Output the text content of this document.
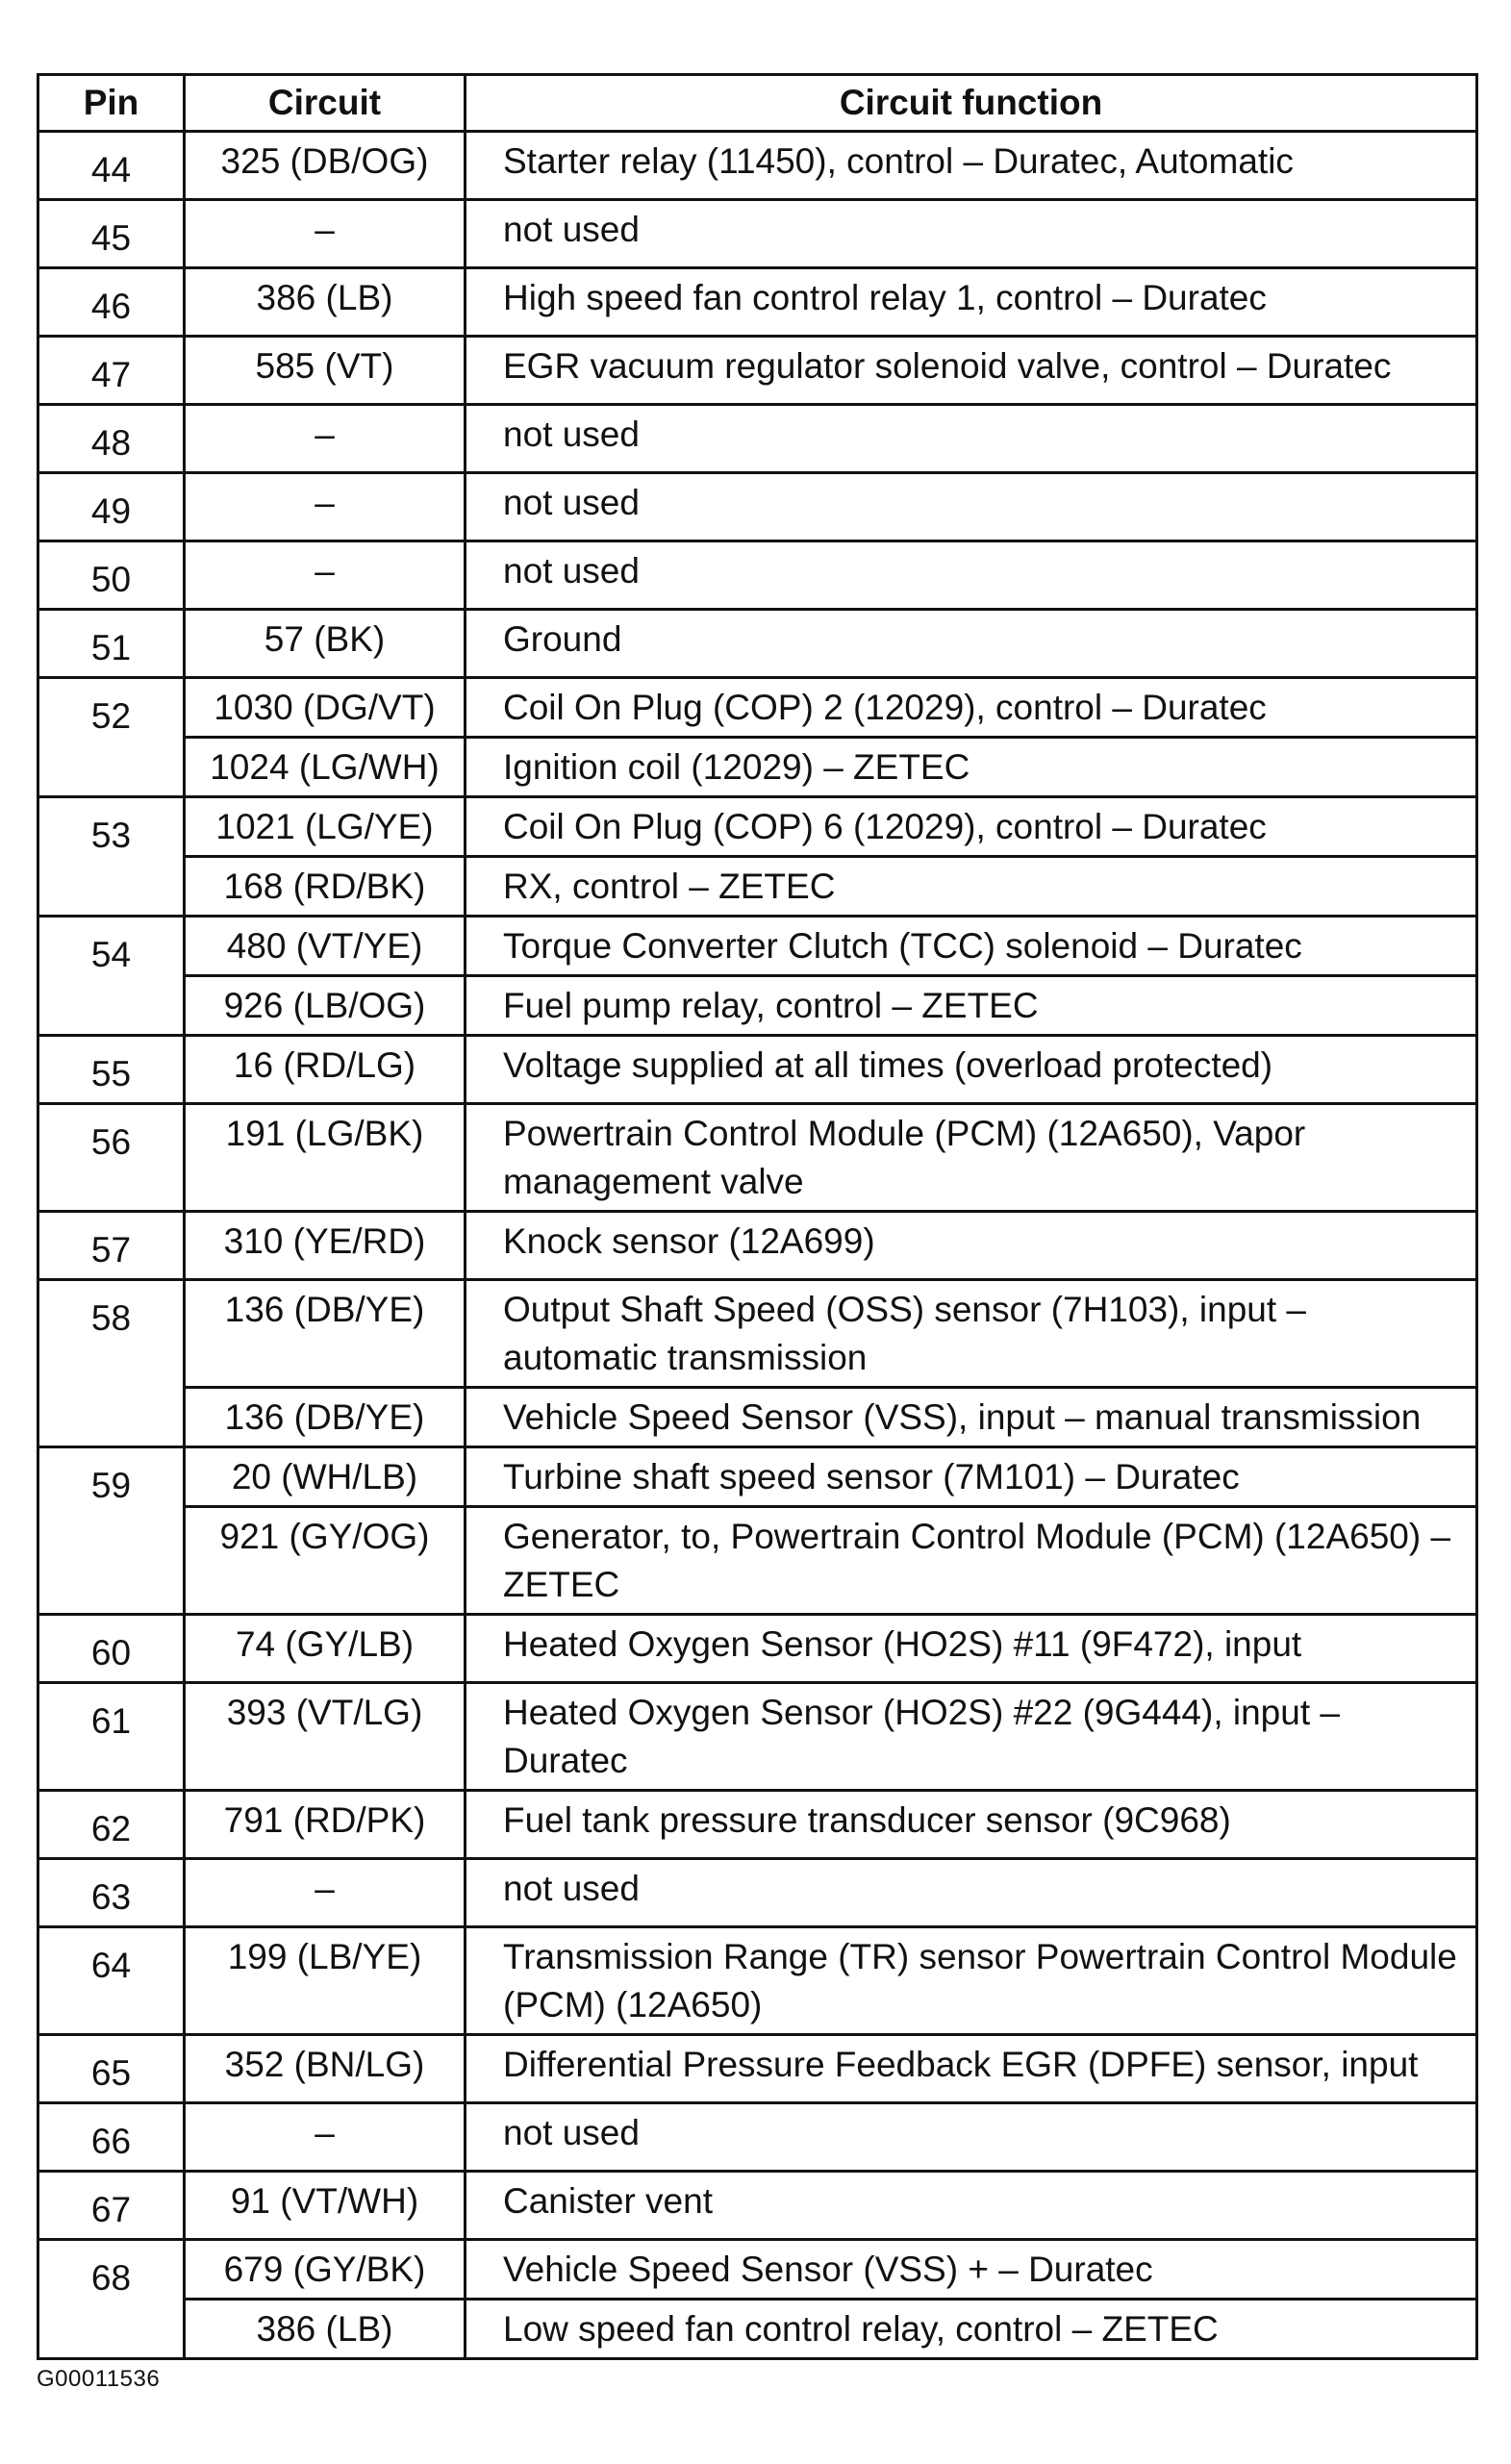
Pin	Circuit	Circuit function
44	325 (DB/OG)	Starter relay (11450), control – Duratec, Automatic
45	–	not used
46	386 (LB)	High speed fan control relay 1, control – Duratec
47	585 (VT)	EGR vacuum regulator solenoid valve, control – Duratec
48	–	not used
49	–	not used
50	–	not used
51	57 (BK)	Ground
52	1030 (DG/VT)	Coil On Plug (COP) 2 (12029), control – Duratec
	1024 (LG/WH)	Ignition coil (12029) – ZETEC
53	1021 (LG/YE)	Coil On Plug (COP) 6 (12029), control – Duratec
	168 (RD/BK)	RX, control – ZETEC
54	480 (VT/YE)	Torque Converter Clutch (TCC) solenoid – Duratec
	926 (LB/OG)	Fuel pump relay, control – ZETEC
55	16 (RD/LG)	Voltage supplied at all times (overload protected)
56	191 (LG/BK)	Powertrain Control Module (PCM) (12A650), Vapor management valve
57	310 (YE/RD)	Knock sensor (12A699)
58	136 (DB/YE)	Output Shaft Speed (OSS) sensor (7H103), input – automatic transmission
	136 (DB/YE)	Vehicle Speed Sensor (VSS), input – manual transmission
59	20 (WH/LB)	Turbine shaft speed sensor (7M101) – Duratec
	921 (GY/OG)	Generator, to, Powertrain Control Module (PCM) (12A650) – ZETEC
60	74 (GY/LB)	Heated Oxygen Sensor (HO2S) #11 (9F472), input
61	393 (VT/LG)	Heated Oxygen Sensor (HO2S) #22 (9G444), input – Duratec
62	791 (RD/PK)	Fuel tank pressure transducer sensor (9C968)
63	–	not used
64	199 (LB/YE)	Transmission Range (TR) sensor Powertrain Control Module (PCM) (12A650)
65	352 (BN/LG)	Differential Pressure Feedback EGR (DPFE) sensor, input
66	–	not used
67	91 (VT/WH)	Canister vent
68	679 (GY/BK)	Vehicle Speed Sensor (VSS) + – Duratec
	386 (LB)	Low speed fan control relay, control – ZETEC
G00011536
